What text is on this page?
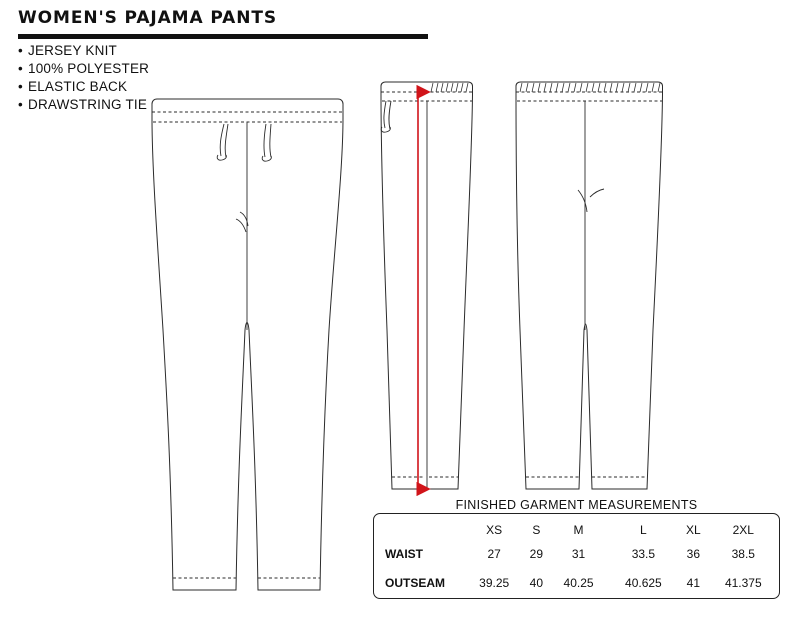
WOMEN'S PAJAMA PANTS
• JERSEY KNIT
• 100% POLYESTER
• ELASTIC BACK
• DRAWSTRING TIE
FINISHED GARMENT MEASUREMENTS
	XS	S	M	L	XL	2XL
WAIST	27	29	31	33.5	36	38.5
OUTSEAM	39.25	40	40.25	40.625	41	41.375
